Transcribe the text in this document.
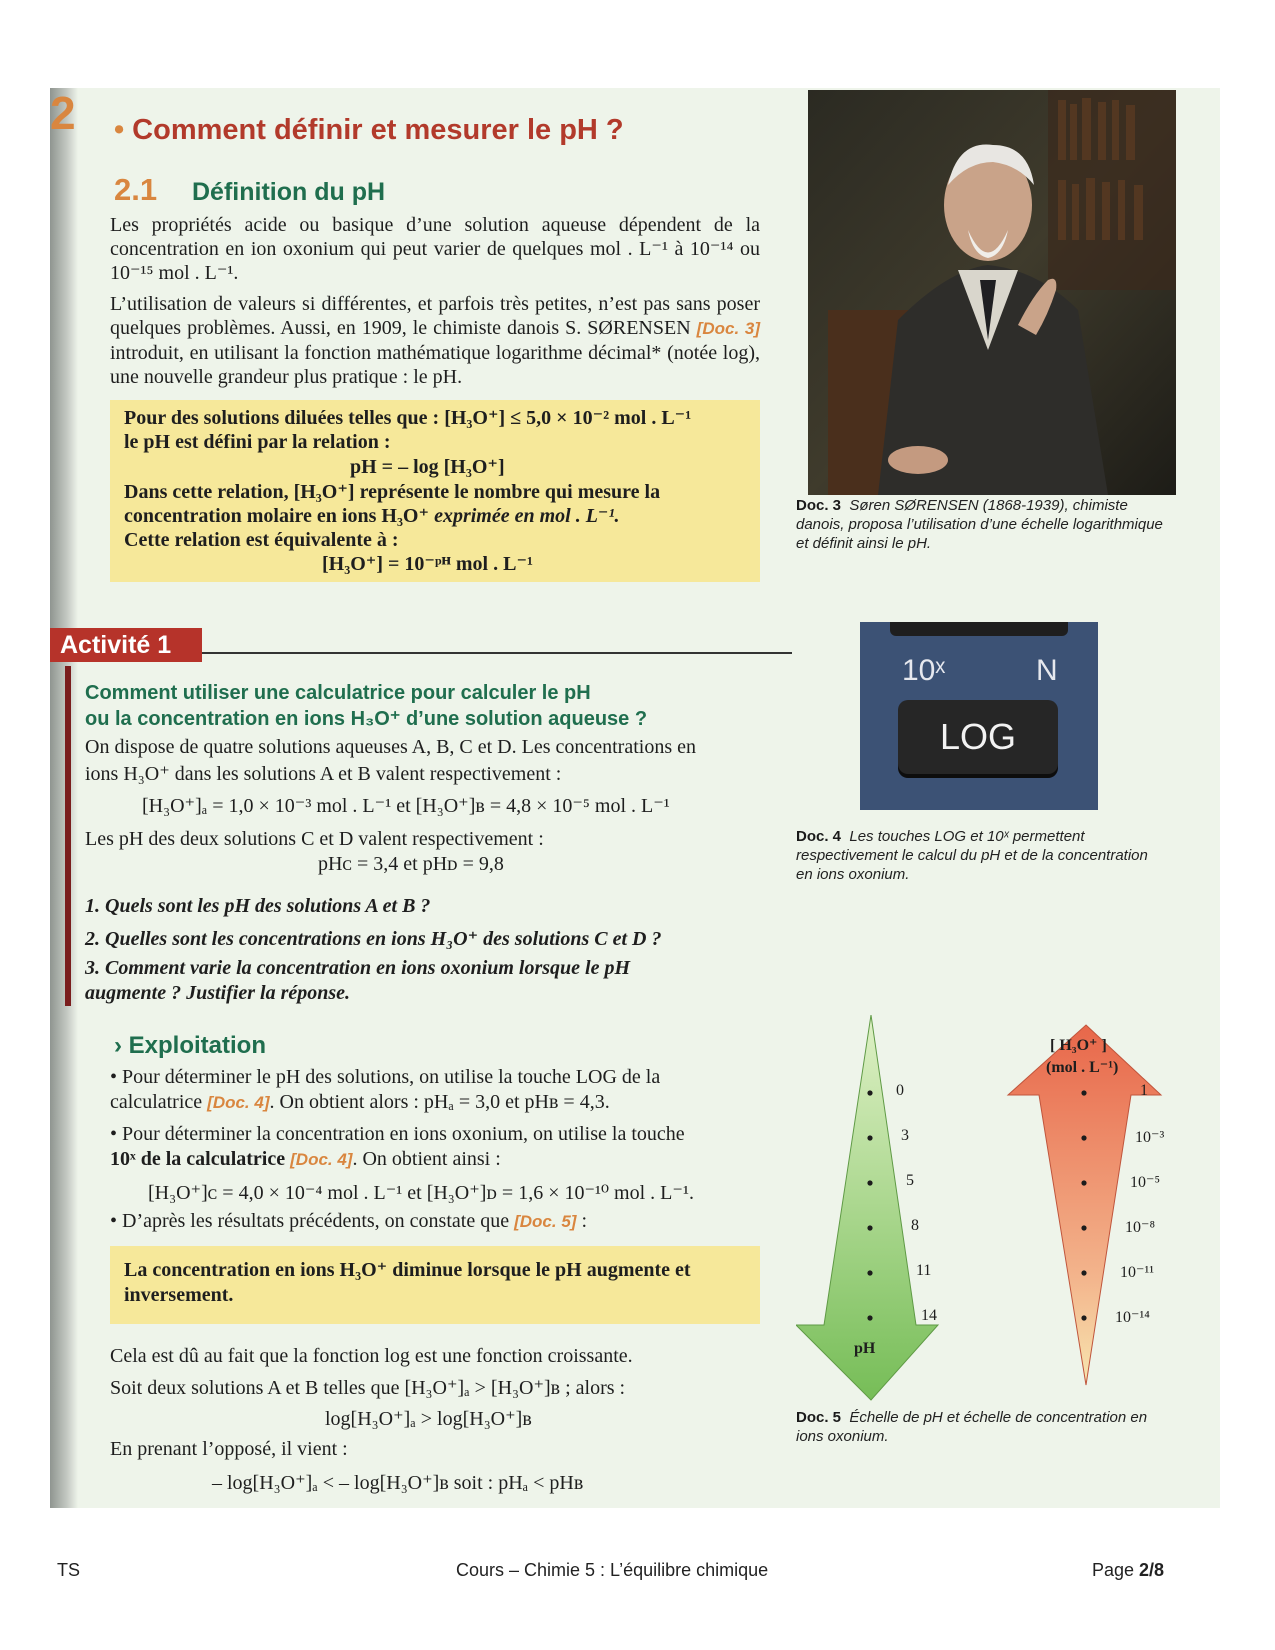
2 • Comment définir et mesurer le pH ?
2.1 Définition du pH
Les propriétés acide ou basique d’une solution aqueuse dépendent de la concentration en ion oxonium qui peut varier de quelques mol . L⁻¹ à 10⁻¹⁴ ou 10⁻¹⁵ mol . L⁻¹.
L’utilisation de valeurs si différentes, et parfois très petites, n’est pas sans poser quelques problèmes. Aussi, en 1909, le chimiste danois S. SØRENSEN [Doc. 3] introduit, en utilisant la fonction mathématique logarithme décimal* (notée log), une nouvelle grandeur plus pratique : le pH.
Pour des solutions diluées telles que : [H₃O⁺] ≤ 5,0 × 10⁻² mol . L⁻¹
le pH est défini par la relation :
pH = – log [H₃O⁺]
Dans cette relation, [H₃O⁺] représente le nombre qui mesure la
concentration molaire en ions H₃O⁺ exprimée en mol . L⁻¹.
Cette relation est équivalente à :
[H₃O⁺] = 10⁻ᵖᴴ mol . L⁻¹
Activité 1
Comment utiliser une calculatrice pour calculer le pH
ou la concentration en ions H₃O⁺ d’une solution aqueuse ?
On dispose de quatre solutions aqueuses A, B, C et D. Les concentrations en
ions H₃O⁺ dans les solutions A et B valent respectivement :
[H₃O⁺]ₐ = 1,0 × 10⁻³ mol . L⁻¹ et [H₃O⁺]ʙ = 4,8 × 10⁻⁵ mol . L⁻¹
Les pH des deux solutions C et D valent respectivement :
pHᴄ = 3,4 et pHᴅ = 9,8
1. Quels sont les pH des solutions A et B ?
2. Quelles sont les concentrations en ions H₃O⁺ des solutions C et D ?
3. Comment varie la concentration en ions oxonium lorsque le pH
augmente ? Justifier la réponse.
› Exploitation
• Pour déterminer le pH des solutions, on utilise la touche LOG de la
calculatrice [Doc. 4]. On obtient alors : pHₐ = 3,0 et pHʙ = 4,3.
• Pour déterminer la concentration en ions oxonium, on utilise la touche
10ˣ de la calculatrice [Doc. 4]. On obtient ainsi :
[H₃O⁺]ᴄ = 4,0 × 10⁻⁴ mol . L⁻¹ et [H₃O⁺]ᴅ = 1,6 × 10⁻¹⁰ mol . L⁻¹.
• D’après les résultats précédents, on constate que [Doc. 5] :
La concentration en ions H₃O⁺ diminue lorsque le pH augmente et
inversement.
Cela est dû au fait que la fonction log est une fonction croissante.
Soit deux solutions A et B telles que [H₃O⁺]ₐ > [H₃O⁺]ʙ ; alors :
log[H₃O⁺]ₐ > log[H₃O⁺]ʙ
En prenant l’opposé, il vient :
– log[H₃O⁺]ₐ < – log[H₃O⁺]ʙ soit : pHₐ < pHʙ
Doc. 3 Søren SØRENSEN (1868-1939), chimiste danois, proposa l’utilisation d’une échelle logarithmique et définit ainsi le pH.
10ˣ	N
LOG
Doc. 4 Les touches LOG et 10ˣ permettent respectivement le calcul du pH et de la concentration en ions oxonium.
pH
[ H₃O⁺ ]
(mol . L⁻¹)
0
3
5
8
11
14
1
10⁻³
10⁻⁵
10⁻⁸
10⁻¹¹
10⁻¹⁴
Doc. 5 Échelle de pH et échelle de concentration en ions oxonium.
TS	Cours – Chimie 5 : L’équilibre chimique	Page 2/8
